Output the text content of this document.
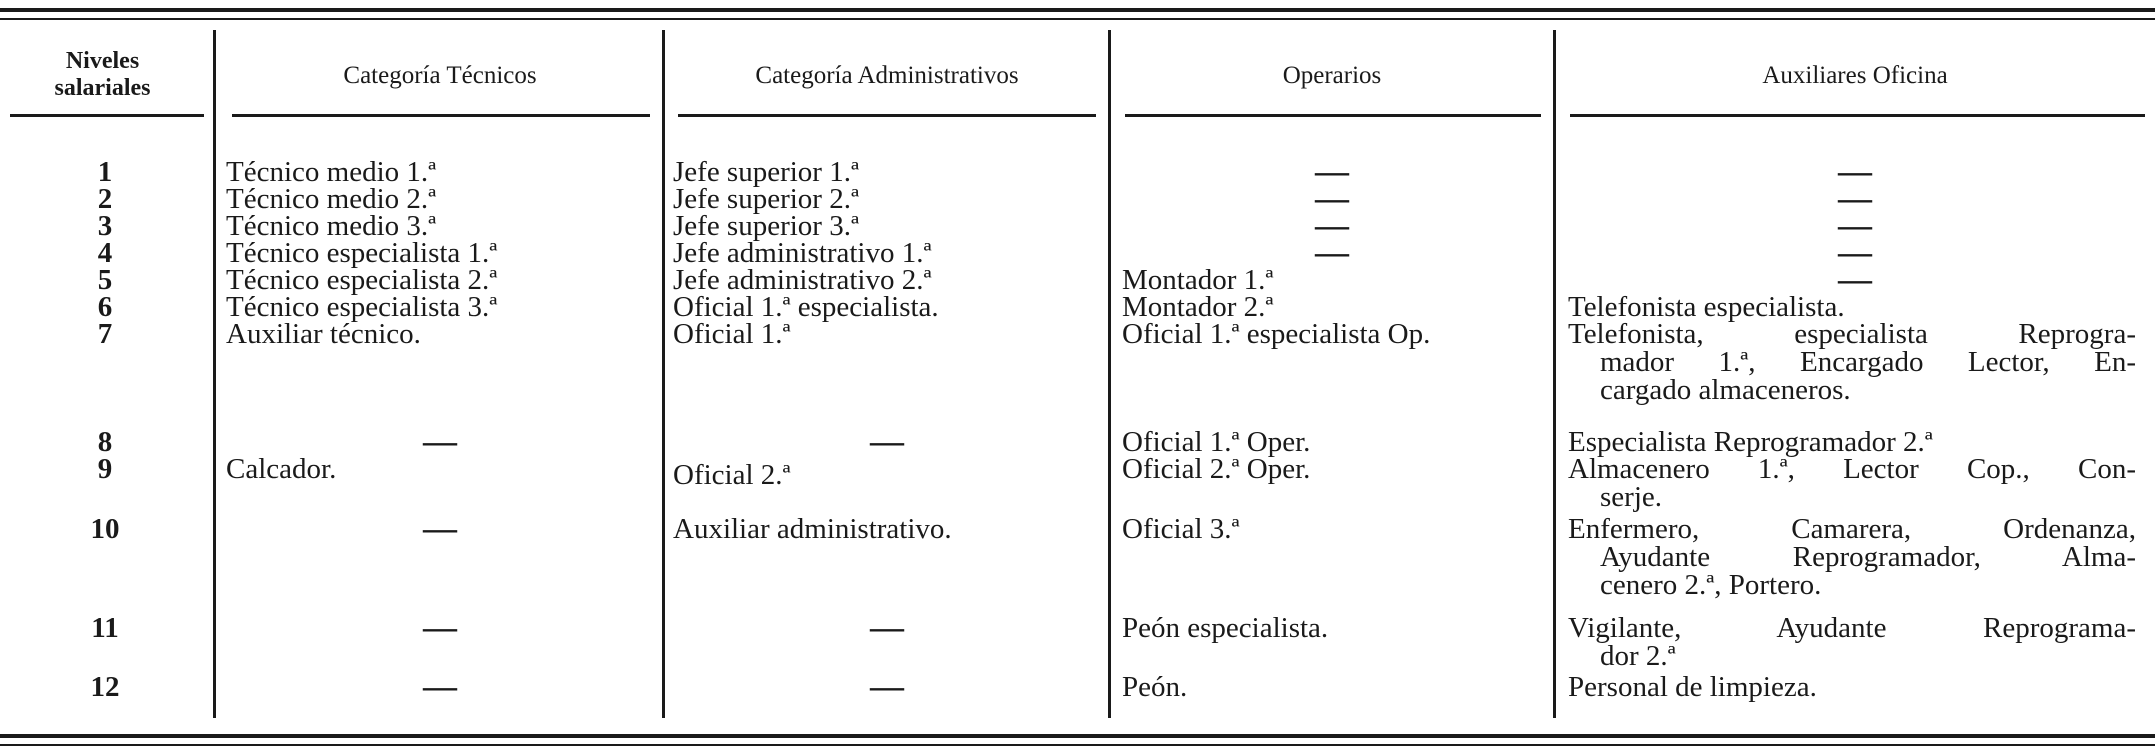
Niveles
salariales	Categoría Técnicos	Categoría Administrativos	Operarios	Auxiliares Oficina
1	Técnico medio 1.ª	Jefe superior 1.ª	—	—
2	Técnico medio 2.ª	Jefe superior 2.ª	—	—
3	Técnico medio 3.ª	Jefe superior 3.ª	—	—
4	Técnico especialista 1.ª	Jefe administrativo 1.ª	—	—
5	Técnico especialista 2.ª	Jefe administrativo 2.ª	Montador 1.ª	—
6	Técnico especialista 3.ª	Oficial 1.ª especialista.	Montador 2.ª	Telefonista especialista.
7	Auxiliar técnico.	Oficial 1.ª	Oficial 1.ª especialista Op.	Telefonista, especialista Reprogra-
mador 1.ª, Encargado Lector, En-
cargado almaceneros.
8	—	—	Oficial 1.ª Oper.	Especialista Reprogramador 2.ª
9	Calcador.	Oficial 2.ª	Oficial 2.ª Oper.	Almacenero 1.ª, Lector Cop., Con-
serje.
10	—	Auxiliar administrativo.	Oficial 3.ª	Enfermero, Camarera, Ordenanza,
Ayudante Reprogramador, Alma-
cenero 2.ª, Portero.
11	—	—	Peón especialista.	Vigilante, Ayudante Reprograma-
dor 2.ª
12	—	—	Peón.	Personal de limpieza.
